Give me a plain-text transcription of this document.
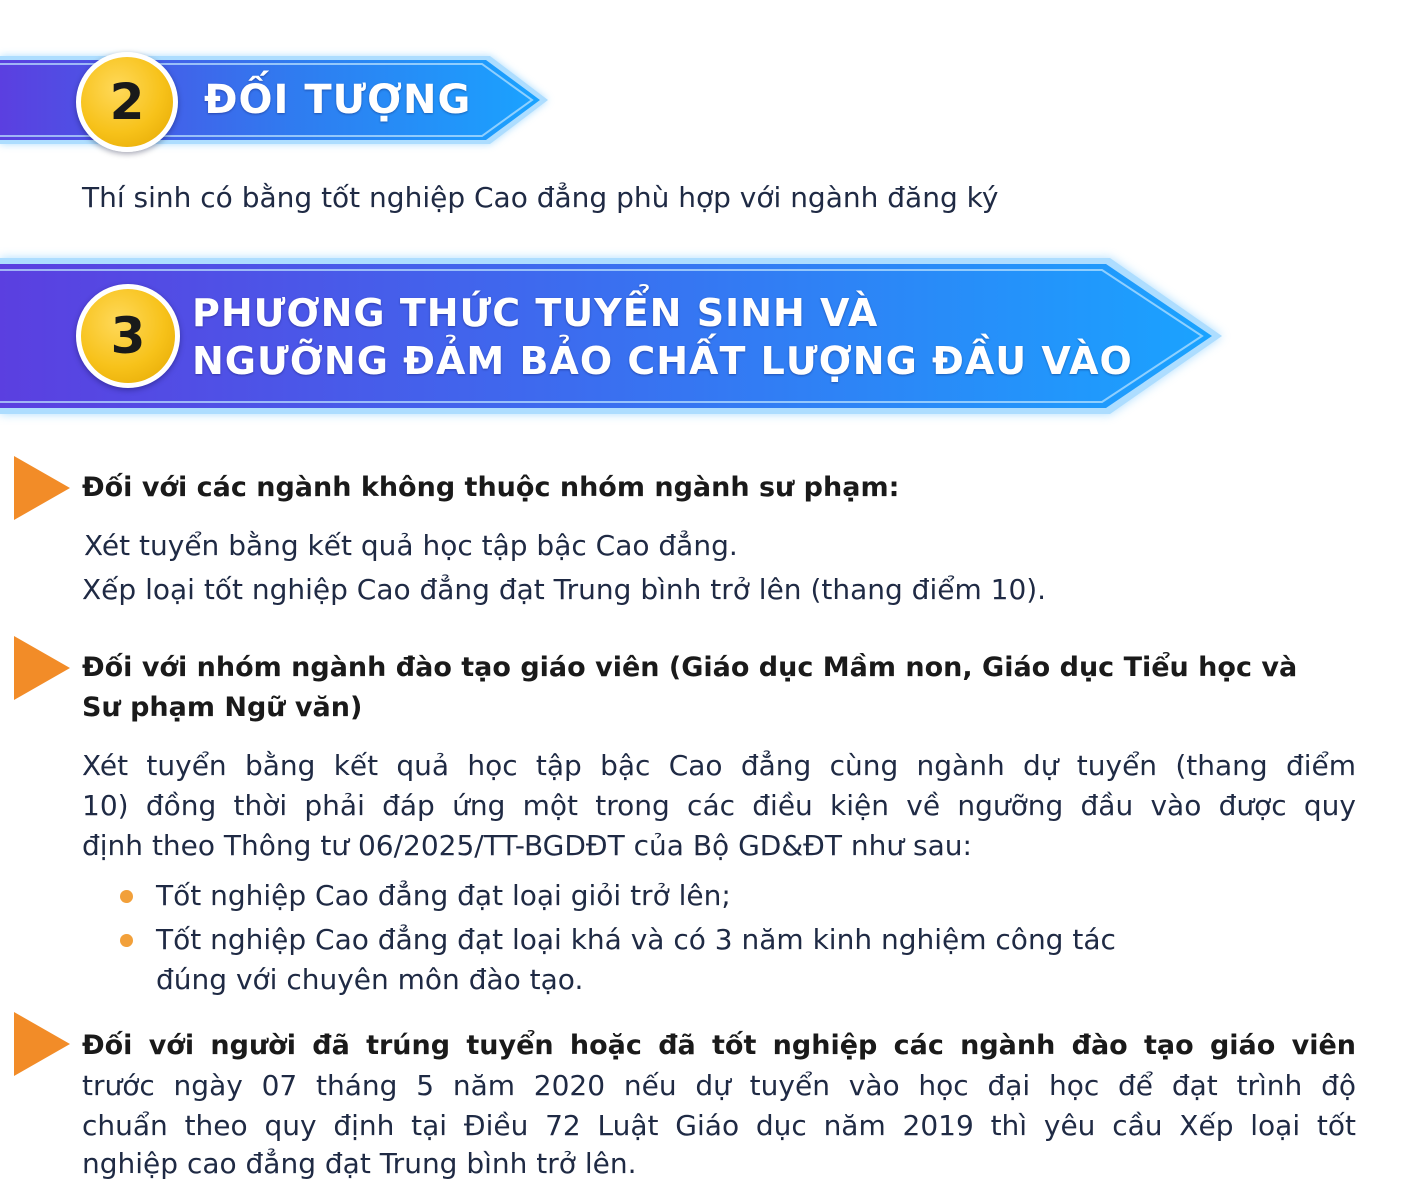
2	ĐỐI TƯỢNG
Thí sinh có bằng tốt nghiệp Cao đẳng phù hợp với ngành đăng ký
3	PHƯƠNG THỨC TUYỂN SINH VÀ
NGƯỠNG ĐẢM BẢO CHẤT LƯỢNG ĐẦU VÀO
Đối với các ngành không thuộc nhóm ngành sư phạm:
Xét tuyển bằng kết quả học tập bậc Cao đẳng.
Xếp loại tốt nghiệp Cao đẳng đạt Trung bình trở lên (thang điểm 10).
Đối với nhóm ngành đào tạo giáo viên (Giáo dục Mầm non, Giáo dục Tiểu học và
Sư phạm Ngữ văn)
Xét tuyển bằng kết quả học tập bậc Cao đẳng cùng ngành dự tuyển (thang điểm
10) đồng thời phải đáp ứng một trong các điều kiện về ngưỡng đầu vào được quy
định theo Thông tư 06/2025/TT-BGDĐT của Bộ GD&ĐT như sau:
Tốt nghiệp Cao đẳng đạt loại giỏi trở lên;
Tốt nghiệp Cao đẳng đạt loại khá và có 3 năm kinh nghiệm công tác
đúng với chuyên môn đào tạo.
Đối với người đã trúng tuyển hoặc đã tốt nghiệp các ngành đào tạo giáo viên
trước ngày 07 tháng 5 năm 2020 nếu dự tuyển vào học đại học để đạt trình độ
chuẩn theo quy định tại Điều 72 Luật Giáo dục năm 2019 thì yêu cầu Xếp loại tốt
nghiệp cao đẳng đạt Trung bình trở lên.
